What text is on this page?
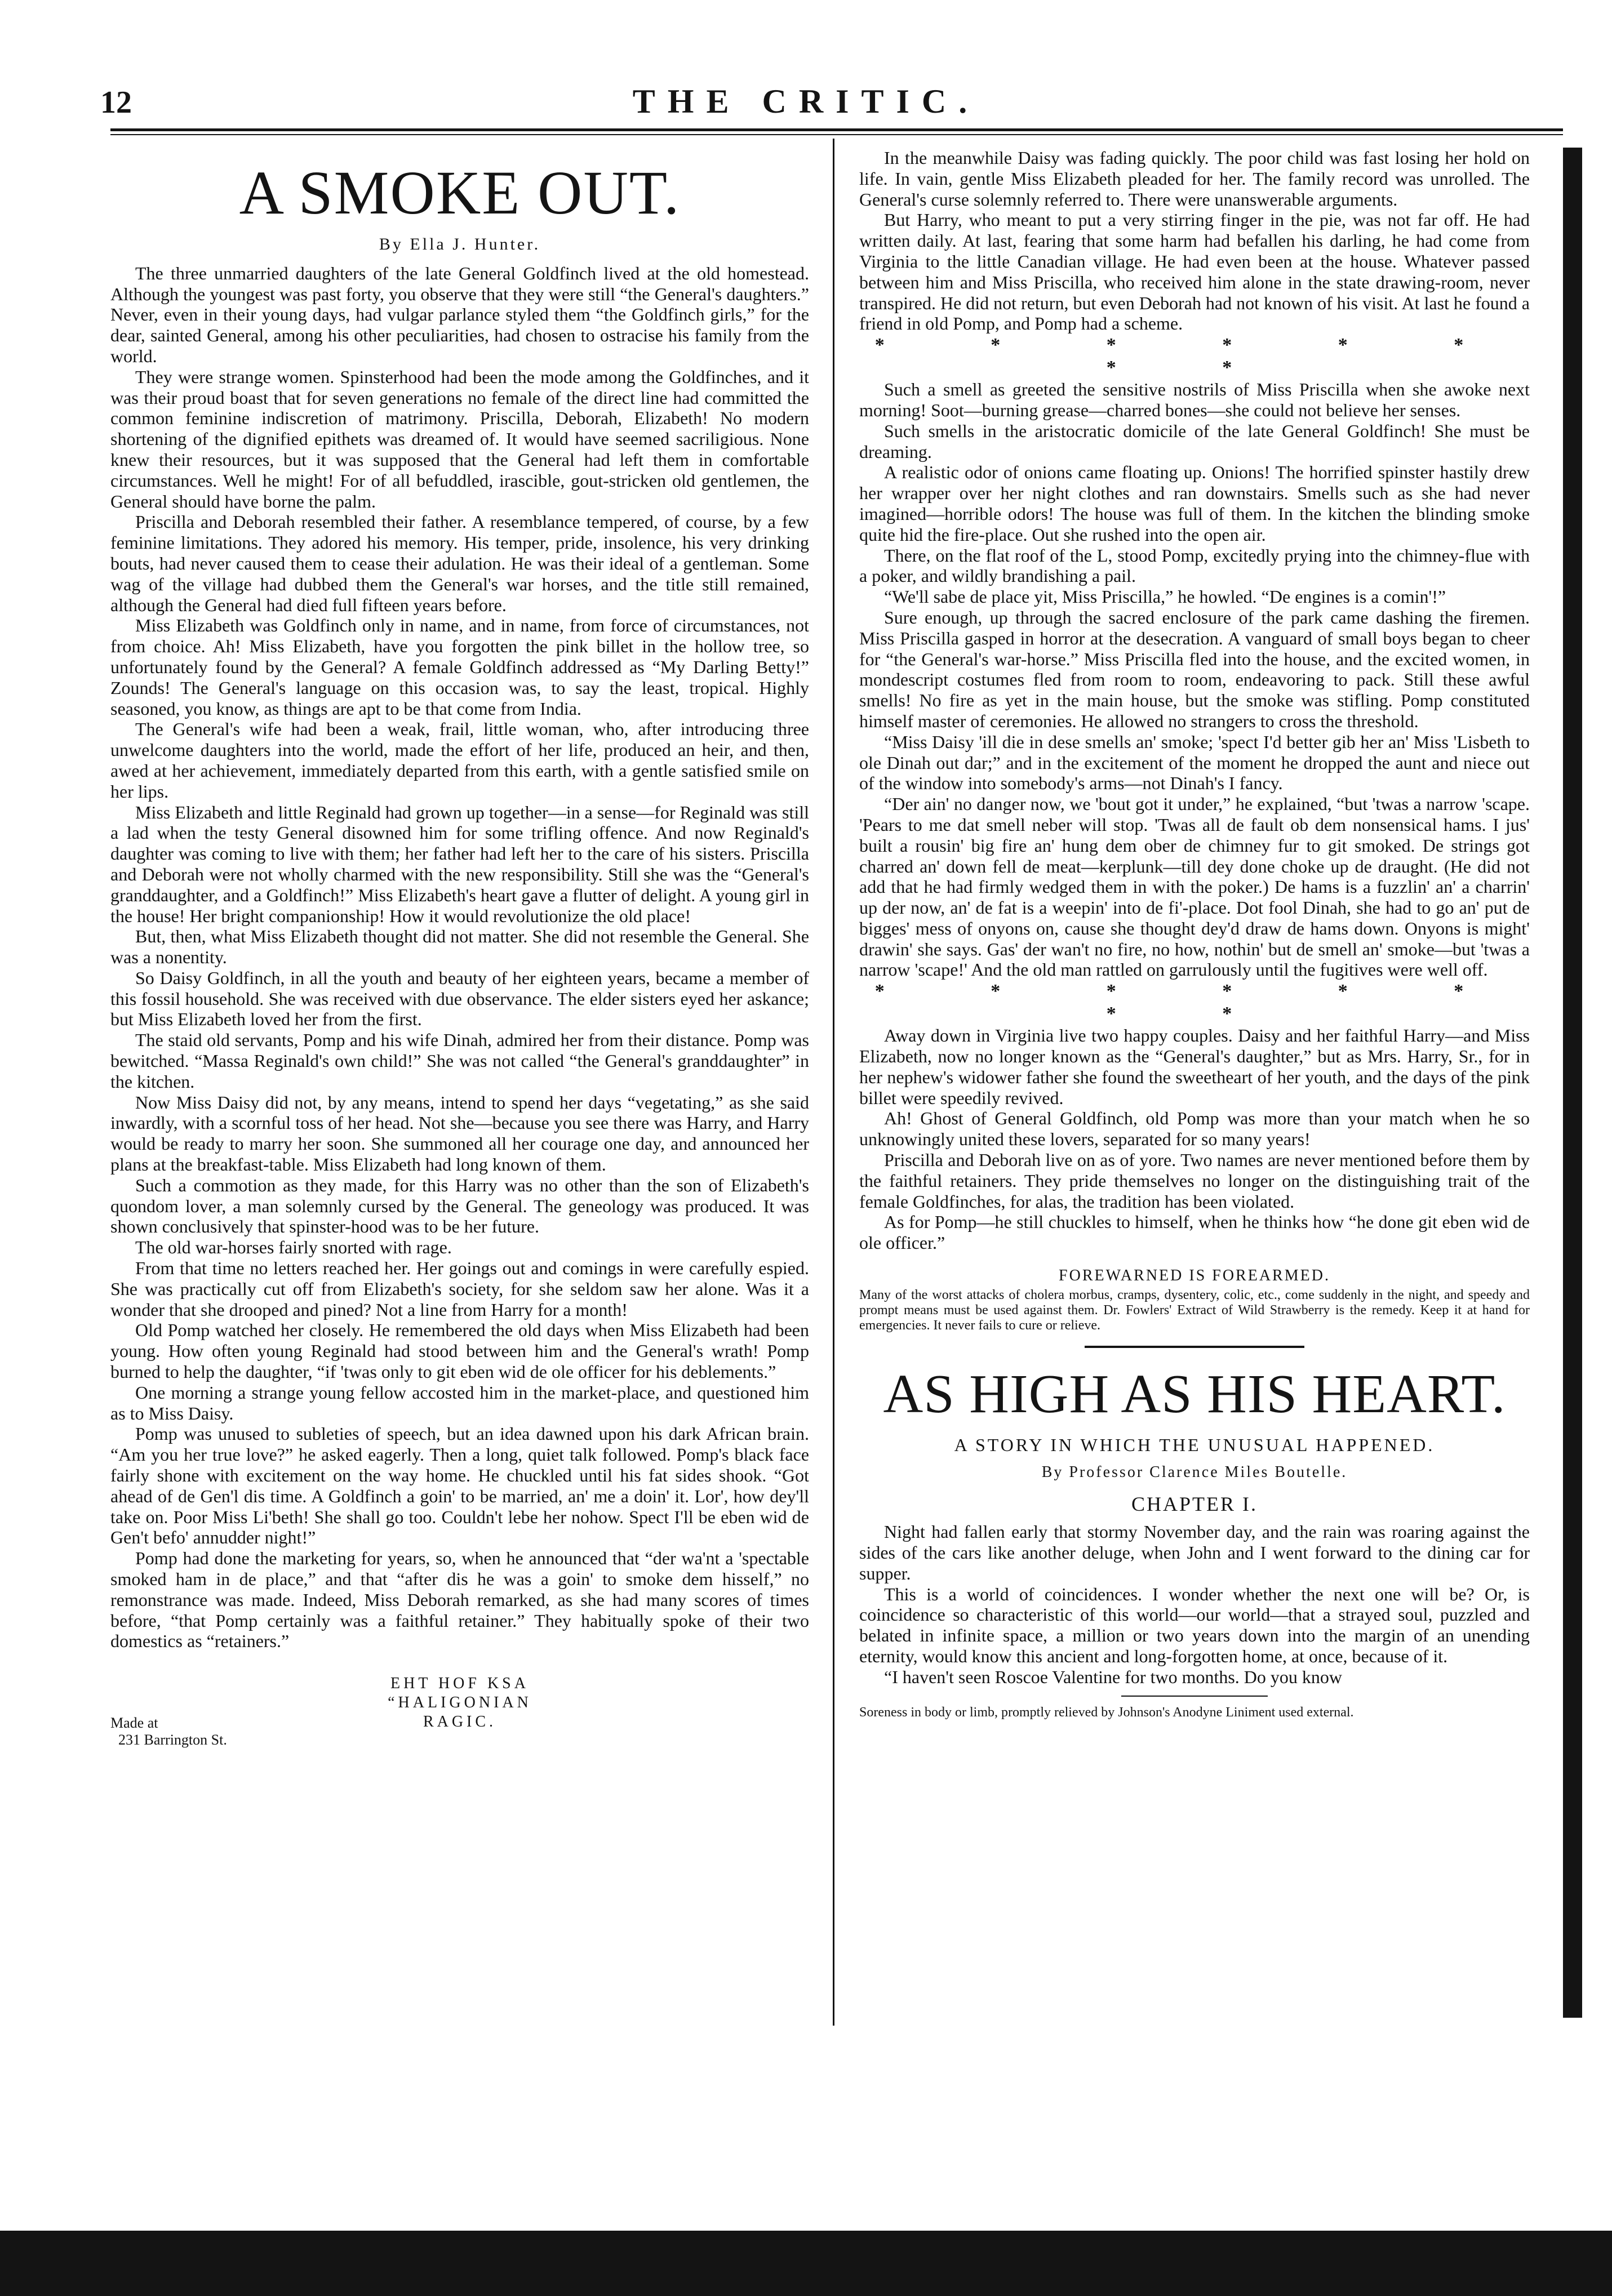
12	THE CRITIC.
A SMOKE OUT.
By Ella J. Hunter.

The three unmarried daughters of the late General Goldfinch lived at the old homestead. Although the youngest was past forty, you observe that they were still “the General's daughters.” Never, even in their young days, had vulgar parlance styled them “the Goldfinch girls,” for the dear, sainted General, among his other peculiarities, had chosen to ostracise his family from the world.

They were strange women. Spinsterhood had been the mode among the Goldfinches, and it was their proud boast that for seven generations no female of the direct line had committed the common feminine indiscretion of matrimony. Priscilla, Deborah, Elizabeth! No modern shortening of the dignified epithets was dreamed of. It would have seemed sacriligious. None knew their resources, but it was supposed that the General had left them in comfortable circumstances. Well he might! For of all befuddled, irascible, gout-stricken old gentlemen, the General should have borne the palm.

Priscilla and Deborah resembled their father. A resemblance tempered, of course, by a few feminine limitations. They adored his memory. His temper, pride, insolence, his very drinking bouts, had never caused them to cease their adulation. He was their ideal of a gentleman. Some wag of the village had dubbed them the General's war horses, and the title still remained, although the General had died full fifteen years before.

Miss Elizabeth was Goldfinch only in name, and in name, from force of circumstances, not from choice. Ah! Miss Elizabeth, have you forgotten the pink billet in the hollow tree, so unfortunately found by the General? A female Goldfinch addressed as “My Darling Betty!” Zounds! The General's language on this occasion was, to say the least, tropical. Highly seasoned, you know, as things are apt to be that come from India.

The General's wife had been a weak, frail, little woman, who, after introducing three unwelcome daughters into the world, made the effort of her life, produced an heir, and then, awed at her achievement, immediately departed from this earth, with a gentle satisfied smile on her lips.

Miss Elizabeth and little Reginald had grown up together—in a sense—for Reginald was still a lad when the testy General disowned him for some trifling offence. And now Reginald's daughter was coming to live with them; her father had left her to the care of his sisters. Priscilla and Deborah were not wholly charmed with the new responsibility. Still she was the “General's granddaughter, and a Goldfinch!” Miss Elizabeth's heart gave a flutter of delight. A young girl in the house! Her bright companionship! How it would revolutionize the old place!

But, then, what Miss Elizabeth thought did not matter. She did not resemble the General. She was a nonentity.

So Daisy Goldfinch, in all the youth and beauty of her eighteen years, became a member of this fossil household. She was received with due observance. The elder sisters eyed her askance; but Miss Elizabeth loved her from the first.

The staid old servants, Pomp and his wife Dinah, admired her from their distance. Pomp was bewitched. “Massa Reginald's own child!” She was not called “the General's granddaughter” in the kitchen.

Now Miss Daisy did not, by any means, intend to spend her days “vegetating,” as she said inwardly, with a scornful toss of her head. Not she—because you see there was Harry, and Harry would be ready to marry her soon. She summoned all her courage one day, and announced her plans at the breakfast-table. Miss Elizabeth had long known of them.

Such a commotion as they made, for this Harry was no other than the son of Elizabeth's quondom lover, a man solemnly cursed by the General. The geneology was produced. It was shown conclusively that spinster-hood was to be her future.

The old war-horses fairly snorted with rage.

From that time no letters reached her. Her goings out and comings in were carefully espied. She was practically cut off from Elizabeth's society, for she seldom saw her alone. Was it a wonder that she drooped and pined? Not a line from Harry for a month!

Old Pomp watched her closely. He remembered the old days when Miss Elizabeth had been young. How often young Reginald had stood between him and the General's wrath! Pomp burned to help the daughter, “if 'twas only to git eben wid de ole officer for his deblements.”

One morning a strange young fellow accosted him in the market-place, and questioned him as to Miss Daisy.

Pomp was unused to subleties of speech, but an idea dawned upon his dark African brain. “Am you her true love?” he asked eagerly. Then a long, quiet talk followed. Pomp's black face fairly shone with excitement on the way home. He chuckled until his fat sides shook. “Got ahead of de Gen'l dis time. A Goldfinch a goin' to be married, an' me a doin' it. Lor', how dey'll take on. Poor Miss Li'beth! She shall go too. Couldn't lebe her nohow. Spect I'll be eben wid de Gen't befo' annudder night!”

Pomp had done the marketing for years, so, when he announced that “der wa'nt a 'spectable smoked ham in de place,” and that “after dis he was a goin' to smoke dem hisself,” no remonstrance was made. Indeed, Miss Deborah remarked, as she had many scores of times before, “that Pomp certainly was a faithful retainer.” They habitually spoke of their two domestics as “retainers.”

EHT HOF KSA
“HALIGONIAN
RAGIC.
Made at
231 Barrington St.

In the meanwhile Daisy was fading quickly. The poor child was fast losing her hold on life. In vain, gentle Miss Elizabeth pleaded for her. The family record was unrolled. The General's curse solemnly referred to. There were unanswerable arguments.

But Harry, who meant to put a very stirring finger in the pie, was not far off. He had written daily. At last, fearing that some harm had befallen his darling, he had come from Virginia to the little Canadian village. He had even been at the house. Whatever passed between him and Miss Priscilla, who received him alone in the state drawing-room, never transpired. He did not return, but even Deborah had not known of his visit. At last he found a friend in old Pomp, and Pomp had a scheme.

* * * * * * * *

Such a smell as greeted the sensitive nostrils of Miss Priscilla when she awoke next morning! Soot—burning grease—charred bones—she could not believe her senses.

Such smells in the aristocratic domicile of the late General Goldfinch! She must be dreaming.

A realistic odor of onions came floating up. Onions! The horrified spinster hastily drew her wrapper over her night clothes and ran downstairs. Smells such as she had never imagined—horrible odors! The house was full of them. In the kitchen the blinding smoke quite hid the fire-place. Out she rushed into the open air.

There, on the flat roof of the L, stood Pomp, excitedly prying into the chimney-flue with a poker, and wildly brandishing a pail.

“We'll sabe de place yit, Miss Priscilla,” he howled. “De engines is a comin'!”

Sure enough, up through the sacred enclosure of the park came dashing the firemen. Miss Priscilla gasped in horror at the desecration. A vanguard of small boys began to cheer for “the General's war-horse.” Miss Priscilla fled into the house, and the excited women, in mondescript costumes fled from room to room, endeavoring to pack. Still these awful smells! No fire as yet in the main house, but the smoke was stifling. Pomp constituted himself master of ceremonies. He allowed no strangers to cross the threshold.

“Miss Daisy 'ill die in dese smells an' smoke; 'spect I'd better gib her an' Miss 'Lisbeth to ole Dinah out dar;” and in the excitement of the moment he dropped the aunt and niece out of the window into somebody's arms—not Dinah's I fancy.

“Der ain' no danger now, we 'bout got it under,” he explained, “but 'twas a narrow 'scape. 'Pears to me dat smell neber will stop. 'Twas all de fault ob dem nonsensical hams. I jus' built a rousin' big fire an' hung dem ober de chimney fur to git smoked. De strings got charred an' down fell de meat—kerplunk—till dey done choke up de draught. (He did not add that he had firmly wedged them in with the poker.) De hams is a fuzzlin' an' a charrin' up der now, an' de fat is a weepin' into de fi'-place. Dot fool Dinah, she had to go an' put de bigges' mess of onyons on, cause she thought dey'd draw de hams down. Onyons is might' drawin' she says. Gas' der wan't no fire, no how, nothin' but de smell an' smoke—but 'twas a narrow 'scape!' And the old man rattled on garrulously until the fugitives were well off.

* * * * * * * *

Away down in Virginia live two happy couples. Daisy and her faithful Harry—and Miss Elizabeth, now no longer known as the “General's daughter,” but as Mrs. Harry, Sr., for in her nephew's widower father she found the sweetheart of her youth, and the days of the pink billet were speedily revived.

Ah! Ghost of General Goldfinch, old Pomp was more than your match when he so unknowingly united these lovers, separated for so many years!

Priscilla and Deborah live on as of yore. Two names are never mentioned before them by the faithful retainers. They pride themselves no longer on the distinguishing trait of the female Goldfinches, for alas, the tradition has been violated.

As for Pomp—he still chuckles to himself, when he thinks how “he done git eben wid de ole officer.”

FOREWARNED IS FOREARMED.
Many of the worst attacks of cholera morbus, cramps, dysentery, colic, etc., come suddenly in the night, and speedy and prompt means must be used against them. Dr. Fowlers' Extract of Wild Strawberry is the remedy. Keep it at hand for emergencies. It never fails to cure or relieve.
AS HIGH AS HIS HEART.
A STORY IN WHICH THE UNUSUAL HAPPENED.
By Professor Clarence Miles Boutelle.
CHAPTER I.

Night had fallen early that stormy November day, and the rain was roaring against the sides of the cars like another deluge, when John and I went forward to the dining car for supper.

This is a world of coincidences. I wonder whether the next one will be? Or, is coincidence so characteristic of this world—our world—that a strayed soul, puzzled and belated in infinite space, a million or two years down into the margin of an unending eternity, would know this ancient and long-forgotten home, at once, because of it.

“I haven't seen Roscoe Valentine for two months. Do you know

Soreness in body or limb, promptly relieved by Johnson's Anodyne Liniment used external.
